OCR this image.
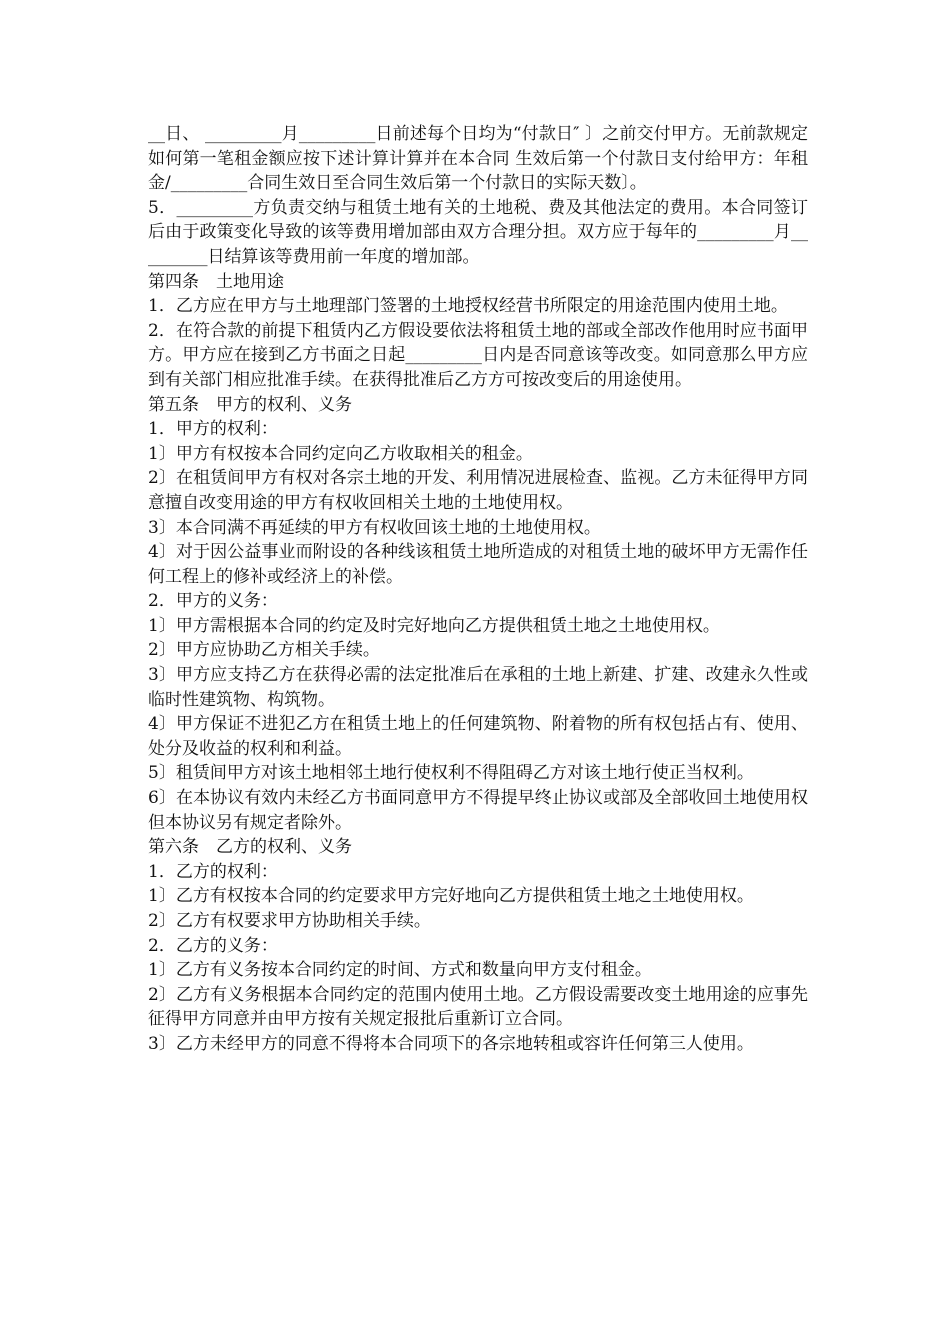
__日、 _________月_________日前述每个日均为“付款日″ 〕之前交付甲方。无前款规定如何第一笔租金额应按下述计算计算并在本合同 生效后第一个付款日支付给甲方：年租金/_________合同生效日至合同生效后第一个付款日的实际天数〕。

5．_________方负责交纳与租赁土地有关的土地税、费及其他法定的费用。本合同签订后由于政策变化导致的该等费用增加部由双方合理分担。双方应于每年的_________月_________日结算该等费用前一年度的增加部。

第四条　土地用途

1．乙方应在甲方与土地理部门签署的土地授权经营书所限定的用途范围内使用土地。

2．在符合款的前提下租赁内乙方假设要依法将租赁土地的部或全部改作他用时应书面甲方。甲方应在接到乙方书面之日起_________日内是否同意该等改变。如同意那么甲方应到有关部门相应批准手续。在获得批准后乙方方可按改变后的用途使用。

第五条　甲方的权利、义务

1．甲方的权利：

1〕甲方有权按本合同约定向乙方收取相关的租金。

2〕在租赁间甲方有权对各宗土地的开发、利用情况进展检查、监视。乙方未征得甲方同意擅自改变用途的甲方有权收回相关土地的土地使用权。

3〕本合同满不再延续的甲方有权收回该土地的土地使用权。

4〕对于因公益事业而附设的各种线该租赁土地所造成的对租赁土地的破坏甲方无需作任何工程上的修补或经济上的补偿。

2．甲方的义务：

1〕甲方需根据本合同的约定及时完好地向乙方提供租赁土地之土地使用权。

2〕甲方应协助乙方相关手续。

3〕甲方应支持乙方在获得必需的法定批准后在承租的土地上新建、扩建、改建永久性或临时性建筑物、构筑物。

4〕甲方保证不进犯乙方在租赁土地上的任何建筑物、附着物的所有权包括占有、使用、处分及收益的权利和利益。

5〕租赁间甲方对该土地相邻土地行使权利不得阻碍乙方对该土地行使正当权利。

6〕在本协议有效内未经乙方书面同意甲方不得提早终止协议或部及全部收回土地使用权但本协议另有规定者除外。

第六条　乙方的权利、义务

1．乙方的权利：

1〕乙方有权按本合同的约定要求甲方完好地向乙方提供租赁土地之土地使用权。

2〕乙方有权要求甲方协助相关手续。

2．乙方的义务：

1〕乙方有义务按本合同约定的时间、方式和数量向甲方支付租金。

2〕乙方有义务根据本合同约定的范围内使用土地。乙方假设需要改变土地用途的应事先征得甲方同意并由甲方按有关规定报批后重新订立合同。

3〕乙方未经甲方的同意不得将本合同项下的各宗地转租或容许任何第三人使用。
